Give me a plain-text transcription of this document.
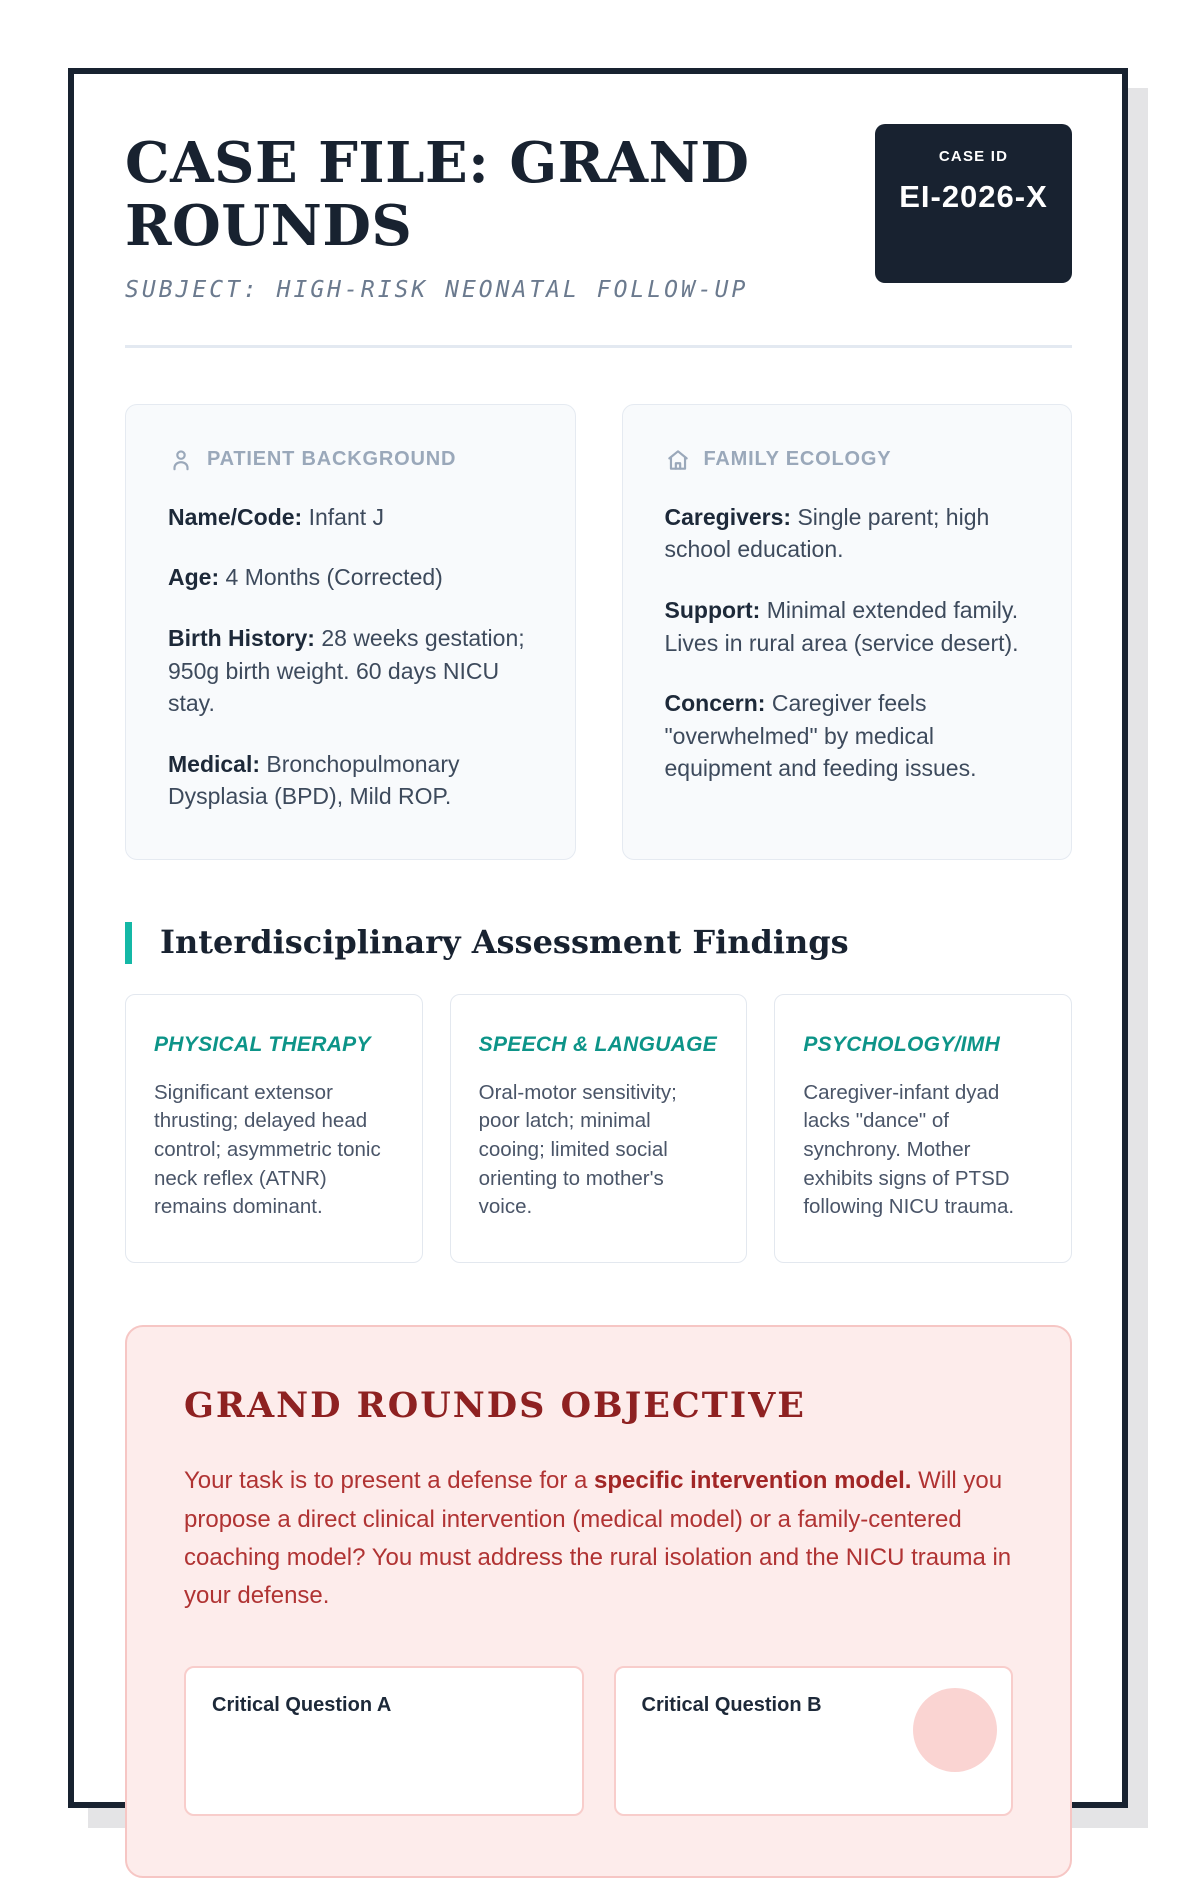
CASE FILE: GRAND ROUNDS
SUBJECT: HIGH-RISK NEONATAL FOLLOW-UP
CASE ID
EI-2026-X
PATIENT BACKGROUND

Name/Code: Infant J

Age: 4 Months (Corrected)

Birth History: 28 weeks gestation; 950g birth weight. 60 days NICU stay.

Medical: Bronchopulmonary Dysplasia (BPD), Mild ROP.

FAMILY ECOLOGY

Caregivers: Single parent; high school education.

Support: Minimal extended family. Lives in rural area (service desert).

Concern: Caregiver feels "overwhelmed" by medical equipment and feeding issues.

Interdisciplinary Assessment Findings
PHYSICAL THERAPY

Significant extensor thrusting; delayed head control; asymmetric tonic neck reflex (ATNR) remains dominant.

SPEECH & LANGUAGE

Oral-motor sensitivity; poor latch; minimal cooing; limited social orienting to mother's voice.

PSYCHOLOGY/IMH

Caregiver-infant dyad lacks "dance" of synchrony. Mother exhibits signs of PTSD following NICU trauma.

GRAND ROUNDS OBJECTIVE

Your task is to present a defense for a specific intervention model. Will you propose a direct clinical intervention (medical model) or a family-centered coaching model? You must address the rural isolation and the NICU trauma in your defense.

Critical Question A	Critical Question B
